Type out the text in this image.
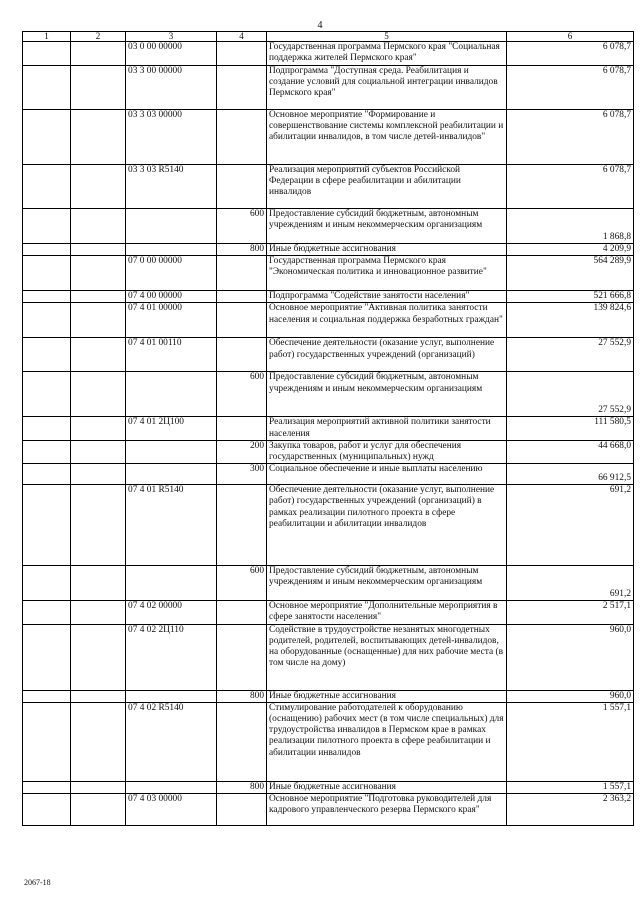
4
1	2	3	4	5	6
		03 0 00 00000		Государственная программа Пермского края "Социальная поддержка жителей Пермского края"	6 078,7
		03 3 00 00000		Подпрограмма "Доступная среда. Реабилитация и создание условий для социальной интеграции инвалидов Пермского края"	6 078,7
		03 3 03 00000		Основное мероприятие "Формирование и совершенствование системы комплексной реабилитации и абилитации инвалидов, в том числе детей-инвалидов"	6 078,7
		03 3 03 R5140		Реализация мероприятий субъектов Российской Федерации в сфере реабилитации и абилитации инвалидов	6 078,7
			600	Предоставление субсидий бюджетным, автономным учреждениям и иным некоммерческим организациям	1 868,8
			800	Иные бюджетные ассигнования	4 209,9
		07 0 00 00000		Государственная программа Пермского края "Экономическая политика и инновационное развитие"	564 289,9
		07 4 00 00000		Подпрограмма "Содействие занятости населения"	521 666,8
		07 4 01 00000		Основное мероприятие "Активная политика занятости населения и социальная поддержка безработных граждан"	139 824,6
		07 4 01 00110		Обеспечение деятельности (оказание услуг, выполнение работ) государственных учреждений (организаций)	27 552,9
			600	Предоставление субсидий бюджетным, автономным учреждениям и иным некоммерческим организациям	27 552,9
		07 4 01 2Ц100		Реализация мероприятий активной политики занятости населения	111 580,5
			200	Закупка товаров, работ и услуг для обеспечения государственных (муниципальных) нужд	44 668,0
			300	Социальное обеспечение и иные выплаты населению	66 912,5
		07 4 01 R5140		Обеспечение деятельности (оказание услуг, выполнение работ) государственных учреждений (организаций) в рамках реализации пилотного проекта в сфере реабилитации и абилитации инвалидов	691,2
			600	Предоставление субсидий бюджетным, автономным учреждениям и иным некоммерческим организациям	691,2
		07 4 02 00000		Основное мероприятие "Дополнительные мероприятия в сфере занятости населения"	2 517,1
		07 4 02 2Ц110		Содействие в трудоустройстве незанятых многодетных родителей, родителей, воспитывающих детей-инвалидов, на оборудованные (оснащенные) для них рабочие места (в том числе на дому)	960,0
			800	Иные бюджетные ассигнования	960,0
		07 4 02 R5140		Стимулирование работодателей к оборудованию (оснащению) рабочих мест (в том числе специальных) для трудоустройства инвалидов в Пермском крае в рамках реализации пилотного проекта в сфере реабилитации и абилитации инвалидов	1 557,1
			800	Иные бюджетные ассигнования	1 557,1
		07 4 03 00000		Основное мероприятие "Подготовка руководителей для кадрового управленческого резерва Пермского края"	2 363,2
2067-18
